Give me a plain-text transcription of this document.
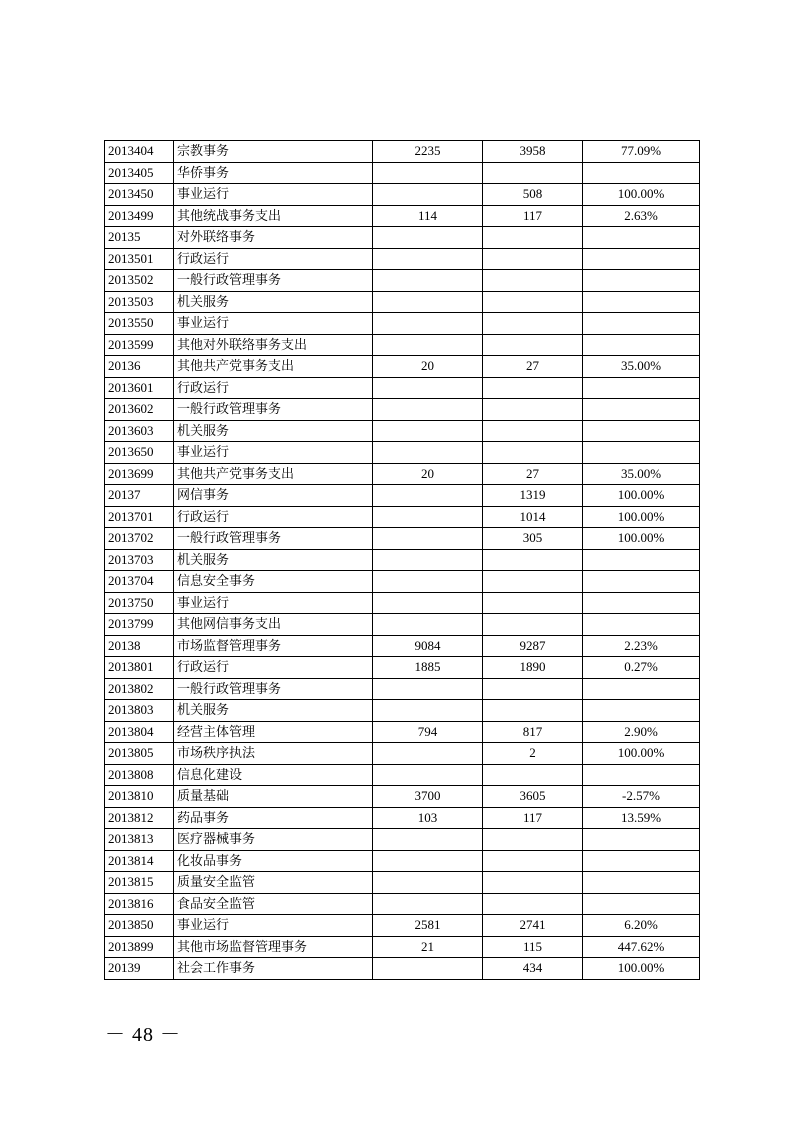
2013404	宗教事务	2235	3958	77.09%
2013405	华侨事务			
2013450	事业运行		508	100.00%
2013499	其他统战事务支出	114	117	2.63%
20135	对外联络事务			
2013501	行政运行			
2013502	一般行政管理事务			
2013503	机关服务			
2013550	事业运行			
2013599	其他对外联络事务支出			
20136	其他共产党事务支出	20	27	35.00%
2013601	行政运行			
2013602	一般行政管理事务			
2013603	机关服务			
2013650	事业运行			
2013699	其他共产党事务支出	20	27	35.00%
20137	网信事务		1319	100.00%
2013701	行政运行		1014	100.00%
2013702	一般行政管理事务		305	100.00%
2013703	机关服务			
2013704	信息安全事务			
2013750	事业运行			
2013799	其他网信事务支出			
20138	市场监督管理事务	9084	9287	2.23%
2013801	行政运行	1885	1890	0.27%
2013802	一般行政管理事务			
2013803	机关服务			
2013804	经营主体管理	794	817	2.90%
2013805	市场秩序执法		2	100.00%
2013808	信息化建设			
2013810	质量基础	3700	3605	-2.57%
2013812	药品事务	103	117	13.59%
2013813	医疗器械事务			
2013814	化妆品事务			
2013815	质量安全监管			
2013816	食品安全监管			
2013850	事业运行	2581	2741	6.20%
2013899	其他市场监督管理事务	21	115	447.62%
20139	社会工作事务		434	100.00%
－ 48 －
